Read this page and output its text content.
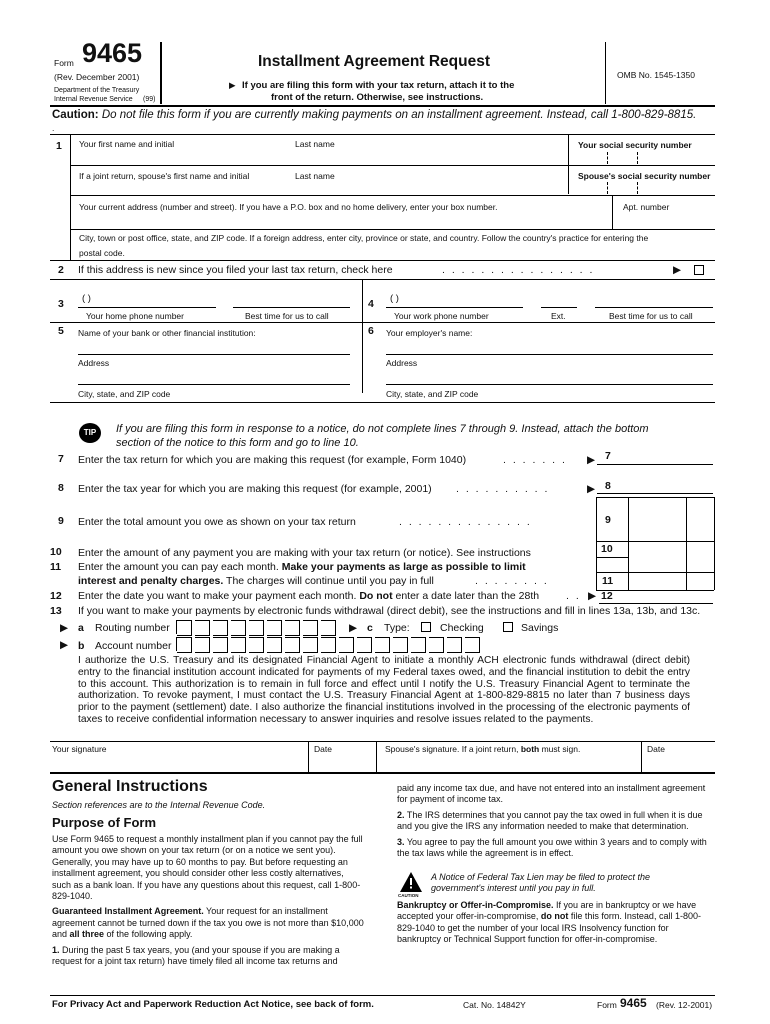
Form 9465
(Rev. December 2001)
Department of the Treasury
Internal Revenue Service (99)
Installment Agreement Request
▶ If you are filing this form with your tax return, attach it to the
front of the return. Otherwise, see instructions.
OMB No. 1545-1350
Caution: Do not file this form if you are currently making payments on an installment agreement. Instead, call 1-800-829-8815.
.
1 Your first name and initial	Last name	Your social security number
If a joint return, spouse's first name and initial	Last name	Spouse's social security number
Your current address (number and street). If you have a P.O. box and no home delivery, enter your box number.	Apt. number
City, town or post office, state, and ZIP code. If a foreign address, enter city, province or state, and country. Follow the country's practice for entering the
postal code.
2 If this address is new since you filed your last tax return, check here	. . . . . . . . . . . . . . . .	▶
3 ( )
Your home phone number	Best time for us to call
4 ( )
Your work phone number	Ext.	Best time for us to call
5 Name of your bank or other financial institution:
Address
City, state, and ZIP code
6 Your employer's name:
Address
City, state, and ZIP code
TIP	If you are filing this form in response to a notice, do not complete lines 7 through 9. Instead, attach the bottom
section of the notice to this form and go to line 10.
7 Enter the tax return for which you are making this request (for example, Form 1040)	. . . . . . . ▶ 7
8 Enter the tax year for which you are making this request (for example, 2001) . . . . . . . . . .	▶ 8
9 Enter the total amount you owe as shown on your tax return	. . . . . . . . . . . . . .	9
10 Enter the amount of any payment you are making with your tax return (or notice). See instructions	10
11 Enter the amount you can pay each month. Make your payments as large as possible to limit
interest and penalty charges. The charges will continue until you pay in full	. . . . . . . .	11
12 Enter the date you want to make your payment each month. Do not enter a date later than the 28th	. . ▶ 12
13 If you want to make your payments by electronic funds withdrawal (direct debit), see the instructions and fill in lines 13a, 13b, and 13c.
▶ a Routing number	▶ c Type:	Checking	Savings
▶ b Account number
I authorize the U.S. Treasury and its designated Financial Agent to initiate a monthly ACH electronic funds withdrawal (direct debit) entry to the financial institution account indicated for payments of my Federal taxes owed, and the financial institution to debit the entry to this account. This authorization is to remain in full force and effect until I notify the U.S. Treasury Financial Agent to terminate the authorization. To revoke payment, I must contact the U.S. Treasury Financial Agent at 1-800-829-8815 no later than 7 business days prior to the payment (settlement) date. I also authorize the financial institutions involved in the processing of the electronic payments of taxes to receive confidential information necessary to answer inquiries and resolve issues related to the payments.
Your signature	Date	Spouse's signature. If a joint return, both must sign.	Date
General Instructions
Section references are to the Internal Revenue Code.
Purpose of Form

Use Form 9465 to request a monthly installment plan if you cannot pay the full amount you owe shown on your tax return (or on a notice we sent you). Generally, you may have up to 60 months to pay. But before requesting an installment agreement, you should consider other less costly alternatives, such as a bank loan. If you have any questions about this request, call 1-800-829-1040.

Guaranteed Installment Agreement. Your request for an installment agreement cannot be turned down if the tax you owe is not more than $10,000 and all three of the following apply.

1. During the past 5 tax years, you (and your spouse if you are making a request for a joint tax return) have timely filed all income tax returns and

paid any income tax due, and have not entered into an installment agreement for payment of income tax.

2. The IRS determines that you cannot pay the tax owed in full when it is due and you give the IRS any information needed to make that determination.

3. You agree to pay the full amount you owe within 3 years and to comply with the tax laws while the agreement is in effect.

CAUTION
A Notice of Federal Tax Lien may be filed to protect the government's interest until you pay in full.

Bankruptcy or Offer-in-Compromise. If you are in bankruptcy or we have accepted your offer-in-compromise, do not file this form. Instead, call 1-800-829-1040 to get the number of your local IRS Insolvency function for bankruptcy or Technical Support function for offer-in-compromise.

For Privacy Act and Paperwork Reduction Act Notice, see back of form.	Cat. No. 14842Y	Form 9465 (Rev. 12-2001)
